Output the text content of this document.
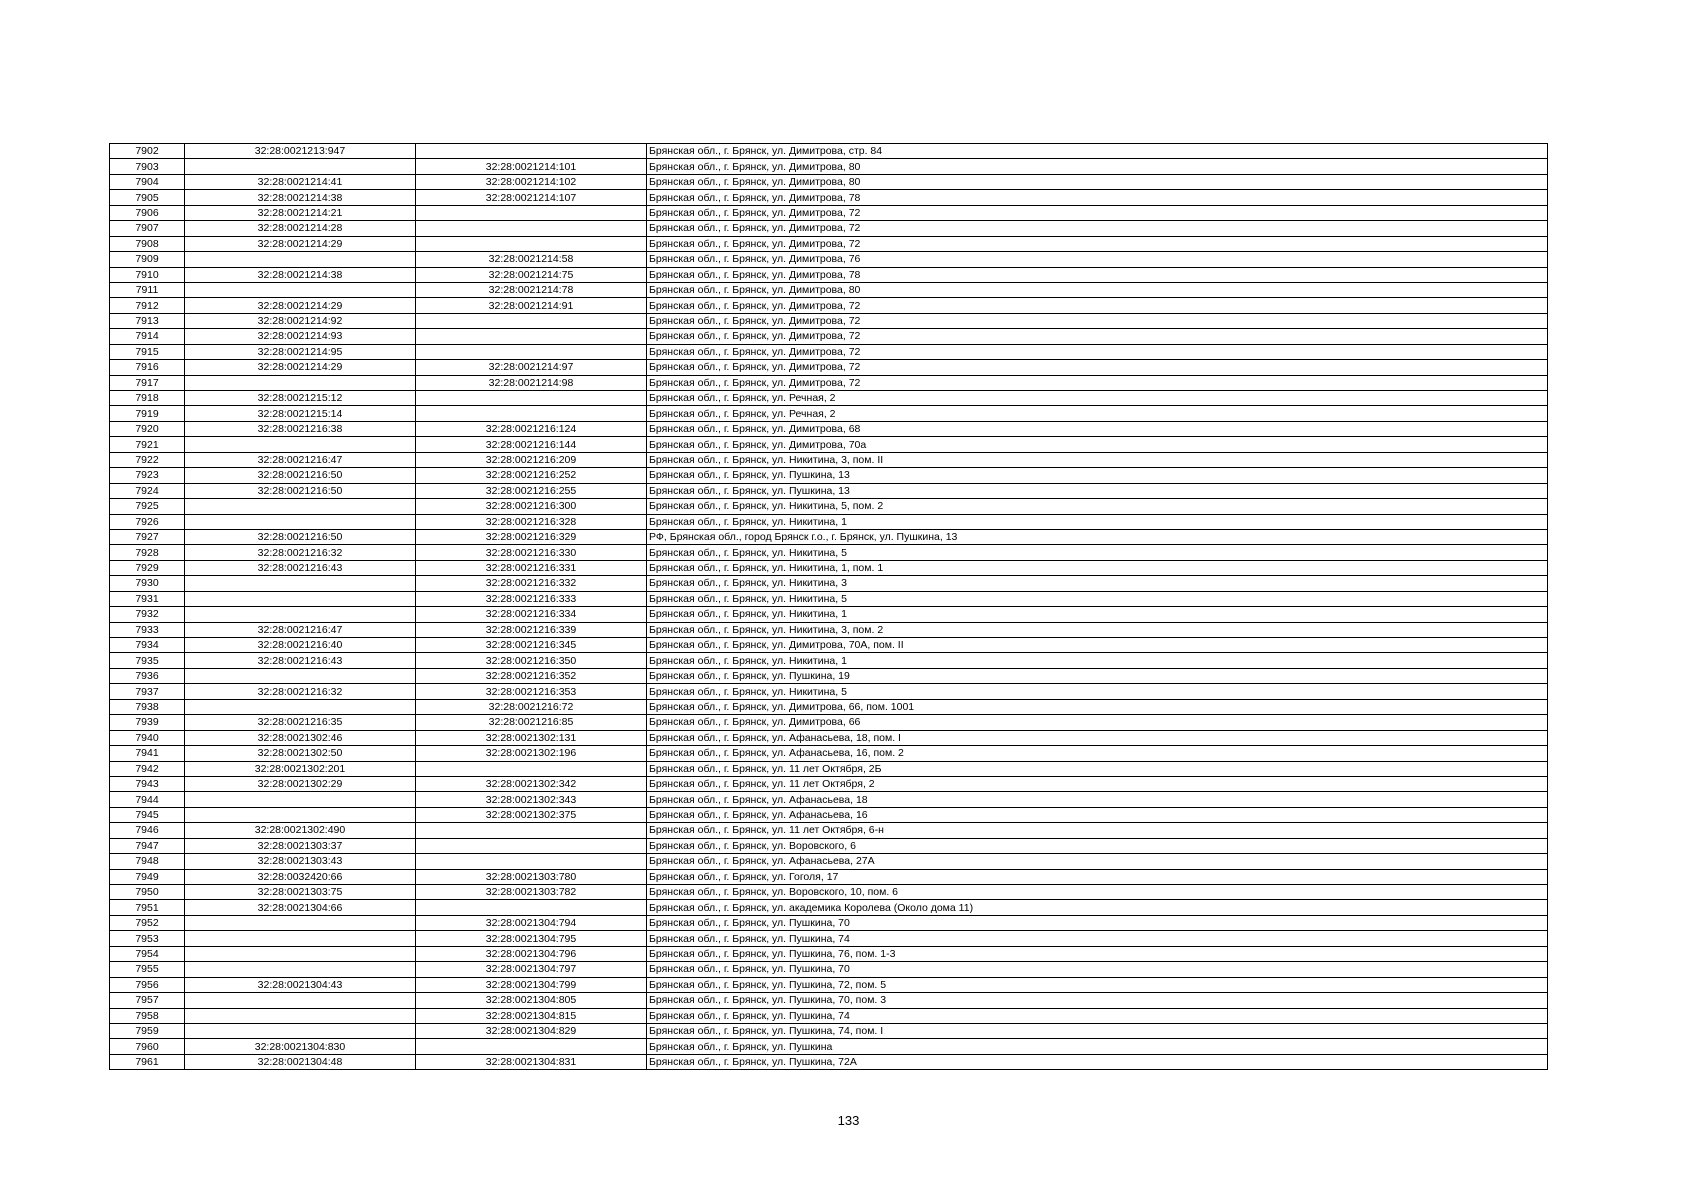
7902	32:28:0021213:947		Брянская обл., г. Брянск, ул. Димитрова, стр. 84
7903		32:28:0021214:101	Брянская обл., г. Брянск, ул. Димитрова, 80
7904	32:28:0021214:41	32:28:0021214:102	Брянская обл., г. Брянск, ул. Димитрова, 80
7905	32:28:0021214:38	32:28:0021214:107	Брянская обл., г. Брянск, ул. Димитрова, 78
7906	32:28:0021214:21		Брянская обл., г. Брянск, ул. Димитрова, 72
7907	32:28:0021214:28		Брянская обл., г. Брянск, ул. Димитрова, 72
7908	32:28:0021214:29		Брянская обл., г. Брянск, ул. Димитрова, 72
7909		32:28:0021214:58	Брянская обл., г. Брянск, ул. Димитрова, 76
7910	32:28:0021214:38	32:28:0021214:75	Брянская обл., г. Брянск, ул. Димитрова, 78
7911		32:28:0021214:78	Брянская обл., г. Брянск, ул. Димитрова, 80
7912	32:28:0021214:29	32:28:0021214:91	Брянская обл., г. Брянск, ул. Димитрова, 72
7913	32:28:0021214:92		Брянская обл., г. Брянск, ул. Димитрова, 72
7914	32:28:0021214:93		Брянская обл., г. Брянск, ул. Димитрова, 72
7915	32:28:0021214:95		Брянская обл., г. Брянск, ул. Димитрова, 72
7916	32:28:0021214:29	32:28:0021214:97	Брянская обл., г. Брянск, ул. Димитрова, 72
7917		32:28:0021214:98	Брянская обл., г. Брянск, ул. Димитрова, 72
7918	32:28:0021215:12		Брянская обл., г. Брянск, ул. Речная, 2
7919	32:28:0021215:14		Брянская обл., г. Брянск, ул. Речная, 2
7920	32:28:0021216:38	32:28:0021216:124	Брянская обл., г. Брянск, ул. Димитрова, 68
7921		32:28:0021216:144	Брянская обл., г. Брянск, ул. Димитрова, 70а
7922	32:28:0021216:47	32:28:0021216:209	Брянская обл., г. Брянск, ул. Никитина, 3, пом. II
7923	32:28:0021216:50	32:28:0021216:252	Брянская обл., г. Брянск, ул. Пушкина, 13
7924	32:28:0021216:50	32:28:0021216:255	Брянская обл., г. Брянск, ул. Пушкина, 13
7925		32:28:0021216:300	Брянская обл., г. Брянск, ул. Никитина, 5, пом. 2
7926		32:28:0021216:328	Брянская обл., г. Брянск, ул. Никитина, 1
7927	32:28:0021216:50	32:28:0021216:329	РФ, Брянская обл., город Брянск г.о., г. Брянск, ул. Пушкина, 13
7928	32:28:0021216:32	32:28:0021216:330	Брянская обл., г. Брянск, ул. Никитина, 5
7929	32:28:0021216:43	32:28:0021216:331	Брянская обл., г. Брянск, ул. Никитина, 1, пом. 1
7930		32:28:0021216:332	Брянская обл., г. Брянск, ул. Никитина, 3
7931		32:28:0021216:333	Брянская обл., г. Брянск, ул. Никитина, 5
7932		32:28:0021216:334	Брянская обл., г. Брянск, ул. Никитина, 1
7933	32:28:0021216:47	32:28:0021216:339	Брянская обл., г. Брянск, ул. Никитина, 3, пом. 2
7934	32:28:0021216:40	32:28:0021216:345	Брянская обл., г. Брянск, ул. Димитрова, 70А, пом. II
7935	32:28:0021216:43	32:28:0021216:350	Брянская обл., г. Брянск, ул. Никитина, 1
7936		32:28:0021216:352	Брянская обл., г. Брянск, ул. Пушкина, 19
7937	32:28:0021216:32	32:28:0021216:353	Брянская обл., г. Брянск, ул. Никитина, 5
7938		32:28:0021216:72	Брянская обл., г. Брянск, ул. Димитрова, 66, пом. 1001
7939	32:28:0021216:35	32:28:0021216:85	Брянская обл., г. Брянск, ул. Димитрова, 66
7940	32:28:0021302:46	32:28:0021302:131	Брянская обл., г. Брянск, ул. Афанасьева, 18, пом. I
7941	32:28:0021302:50	32:28:0021302:196	Брянская обл., г. Брянск, ул. Афанасьева, 16, пом. 2
7942	32:28:0021302:201		Брянская обл., г. Брянск, ул. 11 лет Октября, 2Б
7943	32:28:0021302:29	32:28:0021302:342	Брянская обл., г. Брянск, ул. 11 лет Октября, 2
7944		32:28:0021302:343	Брянская обл., г. Брянск, ул. Афанасьева, 18
7945		32:28:0021302:375	Брянская обл., г. Брянск, ул. Афанасьева, 16
7946	32:28:0021302:490		Брянская обл., г. Брянск, ул. 11 лет Октября, 6-н
7947	32:28:0021303:37		Брянская обл., г. Брянск, ул. Воровского, 6
7948	32:28:0021303:43		Брянская обл., г. Брянск, ул. Афанасьева, 27А
7949	32:28:0032420:66	32:28:0021303:780	Брянская обл., г. Брянск, ул. Гоголя, 17
7950	32:28:0021303:75	32:28:0021303:782	Брянская обл., г. Брянск, ул. Воровского, 10, пом. 6
7951	32:28:0021304:66		Брянская обл., г. Брянск, ул. академика Королева (Около дома 11)
7952		32:28:0021304:794	Брянская обл., г. Брянск, ул. Пушкина, 70
7953		32:28:0021304:795	Брянская обл., г. Брянск, ул. Пушкина, 74
7954		32:28:0021304:796	Брянская обл., г. Брянск, ул. Пушкина, 76, пом. 1-3
7955		32:28:0021304:797	Брянская обл., г. Брянск, ул. Пушкина, 70
7956	32:28:0021304:43	32:28:0021304:799	Брянская обл., г. Брянск, ул. Пушкина, 72, пом. 5
7957		32:28:0021304:805	Брянская обл., г. Брянск, ул. Пушкина, 70, пом. 3
7958		32:28:0021304:815	Брянская обл., г. Брянск, ул. Пушкина, 74
7959		32:28:0021304:829	Брянская обл., г. Брянск, ул. Пушкина, 74, пом. I
7960	32:28:0021304:830		Брянская обл., г. Брянск, ул. Пушкина
7961	32:28:0021304:48	32:28:0021304:831	Брянская обл., г. Брянск, ул. Пушкина, 72А
133
